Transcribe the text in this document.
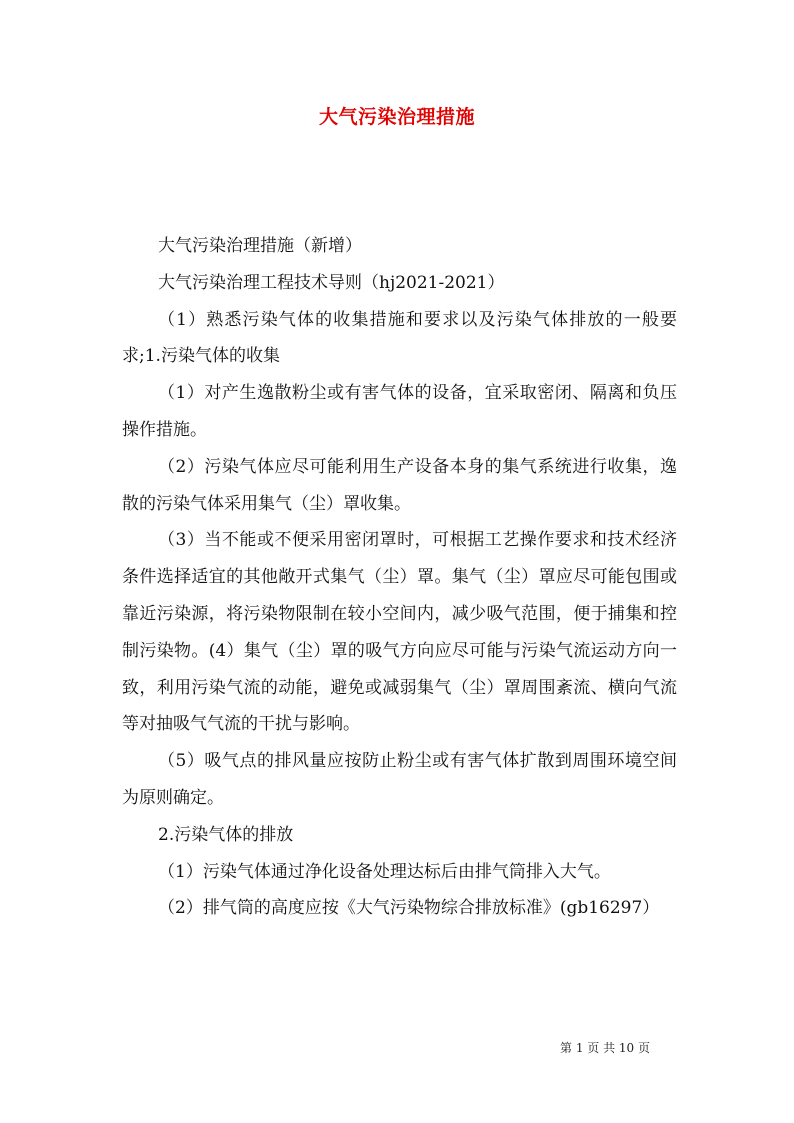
大气污染治理措施

大气污染治理措施（新增）

大气污染治理工程技术导则（hj2021-2021）

（1）熟悉污染气体的收集措施和要求以及污染气体排放的一般要求;1.污染气体的收集

（1）对产生逸散粉尘或有害气体的设备，宜采取密闭、隔离和负压操作措施。

（2）污染气体应尽可能利用生产设备本身的集气系统进行收集，逸散的污染气体采用集气（尘）罩收集。

（3）当不能或不便采用密闭罩时，可根据工艺操作要求和技术经济条件选择适宜的其他敞开式集气（尘）罩。集气（尘）罩应尽可能包围或靠近污染源，将污染物限制在较小空间内，减少吸气范围，便于捕集和控制污染物。(4）集气（尘）罩的吸气方向应尽可能与污染气流运动方向一致，利用污染气流的动能，避免或减弱集气（尘）罩周围紊流、横向气流等对抽吸气气流的干扰与影响。

（5）吸气点的排风量应按防止粉尘或有害气体扩散到周围环境空间为原则确定。

2.污染气体的排放

（1）污染气体通过净化设备处理达标后由排气筒排入大气。

（2）排气筒的高度应按《大气污染物综合排放标准》(gb16297）

第 1 页 共 10 页
